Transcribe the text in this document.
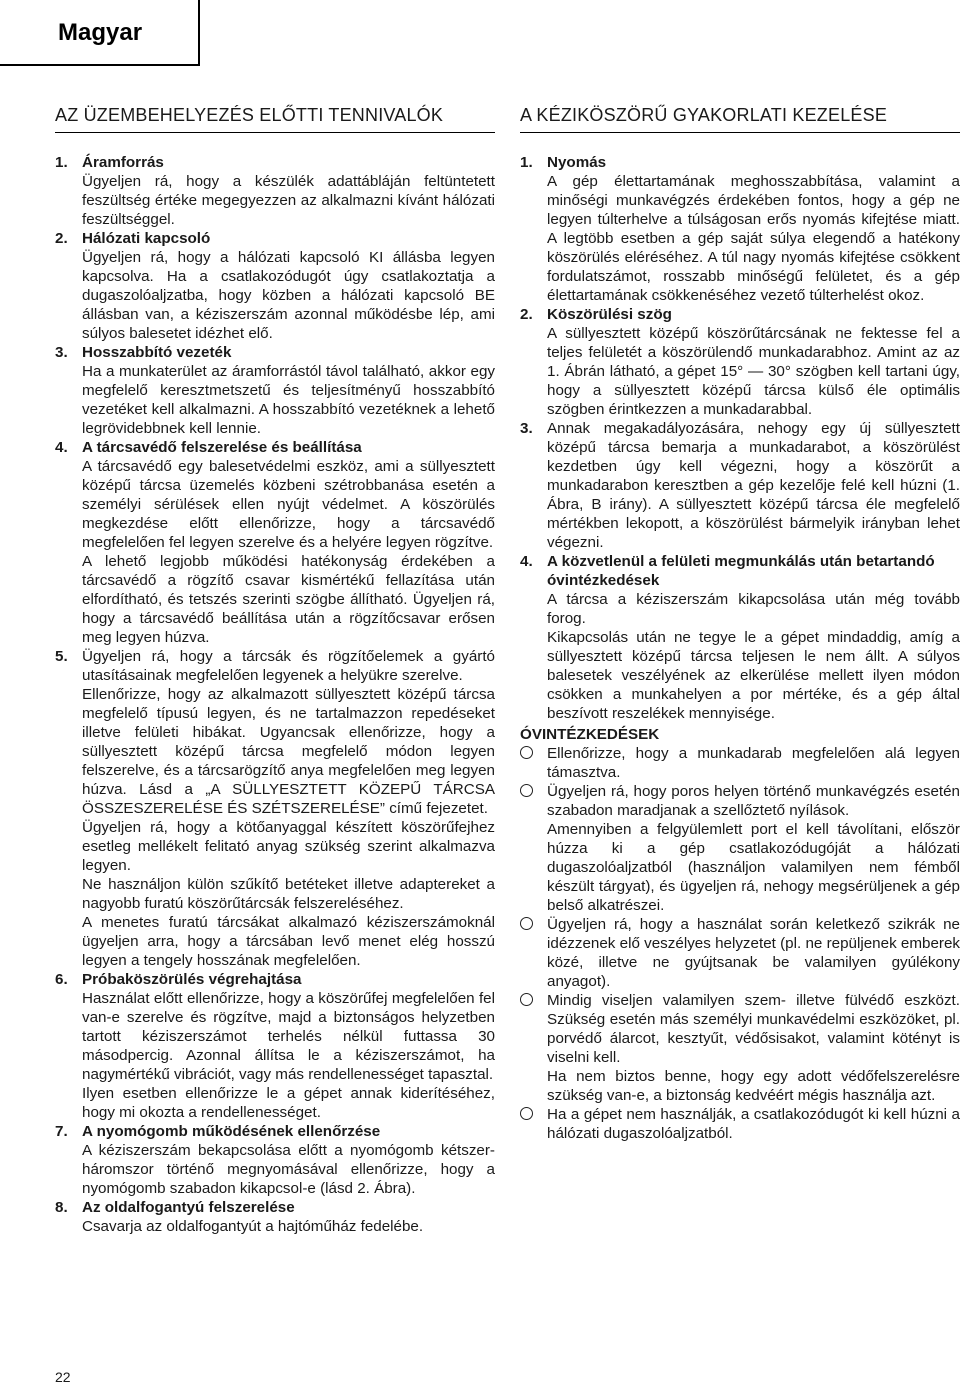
Magyar
AZ ÜZEMBEHELYEZÉS ELŐTTI TENNIVALÓK
1. Áramforrás

Ügyeljen rá, hogy a készülék adattábláján feltüntetett feszültség értéke megegyezzen az alkalmazni kívánt hálózati feszültséggel.

2. Hálózati kapcsoló

Ügyeljen rá, hogy a hálózati kapcsoló KI állásba legyen kapcsolva. Ha a csatlakozódugót úgy csatlakoztatja a dugaszolóaljzatba, hogy közben a hálózati kapcsoló BE állásban van, a kéziszerszám azonnal működésbe lép, ami súlyos balesetet idézhet elő.

3. Hosszabbító vezeték

Ha a munkaterület az áramforrástól távol található, akkor egy megfelelő keresztmetszetű és teljesítményű hosszabbító vezetéket kell alkalmazni. A hosszabbító vezetéknek a lehető legrövidebbnek kell lennie.

4. A tárcsavédő felszerelése és beállítása

A tárcsavédő egy balesetvédelmi eszköz, ami a süllyesztett középű tárcsa üzemelés közbeni szétrobbanása esetén a személyi sérülések ellen nyújt védelmet. A köszörülés megkezdése előtt ellenőrizze, hogy a tárcsavédő megfelelően fel legyen szerelve és a helyére legyen rögzítve.

A lehető legjobb működési hatékonyság érdekében a tárcsavédő a rögzítő csavar kismértékű fellazítása után elfordítható, és tetszés szerinti szögbe állítható. Ügyeljen rá, hogy a tárcsavédő beállítása után a rögzítőcsavar erősen meg legyen húzva.

5. Ügyeljen rá, hogy a tárcsák és rögzítőelemek a gyártó utasításainak megfelelően legyenek a helyükre szerelve.

Ellenőrizze, hogy az alkalmazott süllyesztett középű tárcsa megfelelő típusú legyen, és ne tartalmazzon repedéseket illetve felületi hibákat. Ugyancsak ellenőrizze, hogy a süllyesztett középű tárcsa megfelelő módon legyen felszerelve, és a tárcsarögzítő anya megfelelően meg legyen húzva. Lásd a „A SÜLLYESZTETT KÖZEPŰ TÁRCSA ÖSSZESZERELÉSE ÉS SZÉTSZERELÉSE” című fejezetet.

Ügyeljen rá, hogy a kötőanyaggal készített köszörűfejhez esetleg mellékelt felitató anyag szükség szerint alkalmazva legyen.

Ne használjon külön szűkítő betéteket illetve adaptereket a nagyobb furatú köszörűtárcsák felszereléséhez.

A menetes furatú tárcsákat alkalmazó kéziszerszámoknál ügyeljen arra, hogy a tárcsában levő menet elég hosszú legyen a tengely hosszának megfelelően.

6. Próbaköszörülés végrehajtása

Használat előtt ellenőrizze, hogy a köszörűfej megfelelően fel van-e szerelve és rögzítve, majd a biztonságos helyzetben tartott kéziszerszámot terhelés nélkül futtassa 30 másodpercig. Azonnal állítsa le a kéziszerszámot, ha nagymértékű vibrációt, vagy más rendellenességet tapasztal.

Ilyen esetben ellenőrizze le a gépet annak kiderítéséhez, hogy mi okozta a rendellenességet.

7. A nyomógomb működésének ellenőrzése

A kéziszerszám bekapcsolása előtt a nyomógomb kétszer-háromszor történő megnyomásával ellenőrizze, hogy a nyomógomb szabadon kikapcsol-e (lásd 2. Ábra).

8. Az oldalfogantyú felszerelése

Csavarja az oldalfogantyút a hajtóműház fedelébe.

A KÉZIKÖSZÖRŰ GYAKORLATI KEZELÉSE
1. Nyomás

A gép élettartamának meghosszabbítása, valamint a minőségi munkavégzés érdekében fontos, hogy a gép ne legyen túlterhelve a túlságosan erős nyomás kifejtése miatt. A legtöbb esetben a gép saját súlya elegendő a hatékony köszörülés eléréséhez. A túl nagy nyomás kifejtése csökkent fordulatszámot, rosszabb minőségű felületet, és a gép élettartamának csökkenéséhez vezető túlterhelést okoz.

2. Köszörülési szög

A süllyesztett középű köszörűtárcsának ne fektesse fel a teljes felületét a köszörülendő munkadarabhoz. Amint az az 1. Ábrán látható, a gépet 15° — 30° szögben kell tartani úgy, hogy a süllyesztett középű tárcsa külső éle optimális szögben érintkezzen a munkadarabbal.

3. Annak megakadályozására, nehogy egy új süllyesztett középű tárcsa bemarja a munkadarabot, a köszörülést kezdetben úgy kell végezni, hogy a köszörűt a munkadarabon keresztben a gép kezelője felé kell húzni (1. Ábra, B irány). A süllyesztett középű tárcsa éle megfelelő mértékben lekopott, a köszörülést bármelyik irányban lehet végezni.

4. A közvetlenül a felületi megmunkálás után betartandó óvintézkedések

A tárcsa a kéziszerszám kikapcsolása után még tovább forog.

Kikapcsolás után ne tegye le a gépet mindaddig, amíg a süllyesztett középű tárcsa teljesen le nem állt. A súlyos balesetek veszélyének az elkerülése mellett ilyen módon csökken a munkahelyen a por mértéke, és a gép által beszívott reszelékek mennyisége.

ÓVINTÉZKEDÉSEK

Ellenőrizze, hogy a munkadarab megfelelően alá legyen támasztva.

Ügyeljen rá, hogy poros helyen történő munkavégzés esetén szabadon maradjanak a szellőztető nyílások.

Amennyiben a felgyülemlett port el kell távolítani, először húzza ki a gép csatlakozódugóját a hálózati dugaszolóaljzatból (használjon valamilyen nem fémből készült tárgyat), és ügyeljen rá, nehogy megsérüljenek a gép belső alkatrészei.

Ügyeljen rá, hogy a használat során keletkező szikrák ne idézzenek elő veszélyes helyzetet (pl. ne repüljenek emberek közé, illetve ne gyújtsanak be valamilyen gyúlékony anyagot).

Mindig viseljen valamilyen szem- illetve fülvédő eszközt. Szükség esetén más személyi munkavédelmi eszközöket, pl. porvédő álarcot, kesztyűt, védősisakot, valamint kötényt is viselni kell.

Ha nem biztos benne, hogy egy adott védőfelszerelésre szükség van-e, a biztonság kedvéért mégis használja azt.

Ha a gépet nem használják, a csatlakozódugót ki kell húzni a hálózati dugaszolóaljzatból.

22
